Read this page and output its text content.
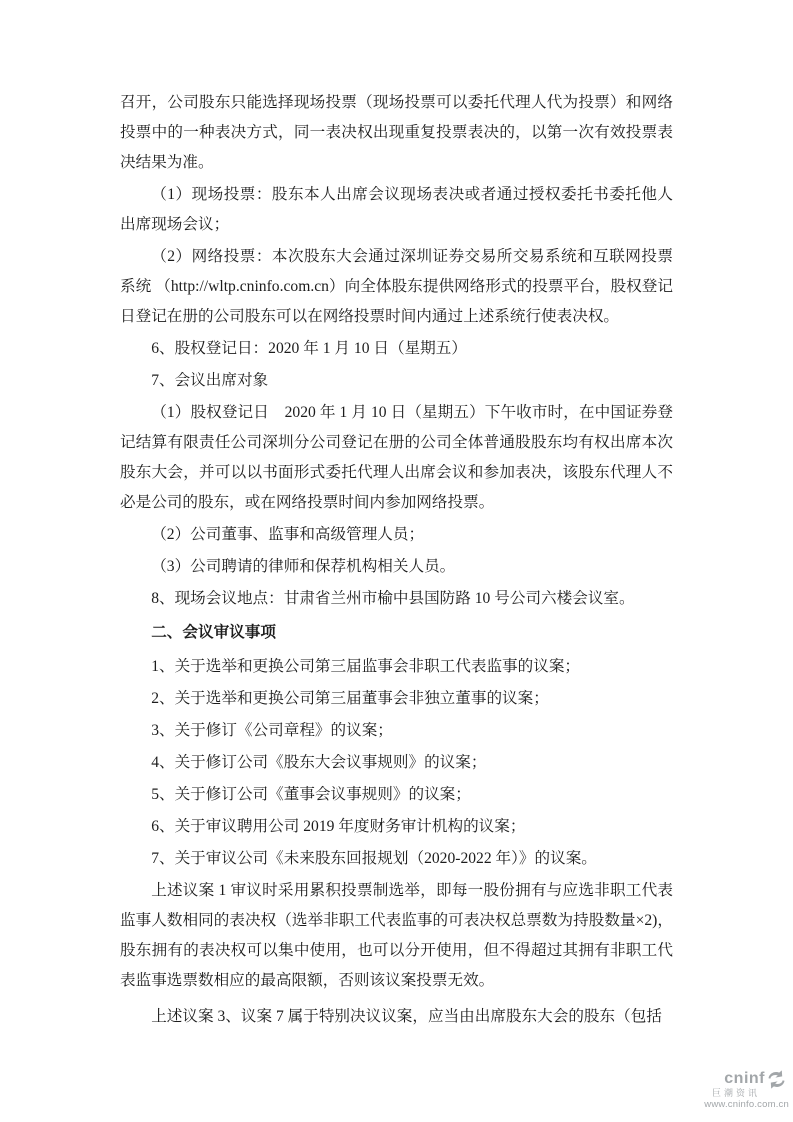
召开，公司股东只能选择现场投票（现场投票可以委托代理人代为投票）和网络投票中的一种表决方式，同一表决权出现重复投票表决的，以第一次有效投票表决结果为准。

（1）现场投票：股东本人出席会议现场表决或者通过授权委托书委托他人出席现场会议；

（2）网络投票：本次股东大会通过深圳证券交易所交易系统和互联网投票系统 （http://wltp.cninfo.com.cn）向全体股东提供网络形式的投票平台，股权登记日登记在册的公司股东可以在网络投票时间内通过上述系统行使表决权。

6、股权登记日：2020 年 1 月 10 日（星期五）

7、会议出席对象

（1）股权登记日　2020 年 1 月 10 日（星期五）下午收市时，在中国证券登记结算有限责任公司深圳分公司登记在册的公司全体普通股股东均有权出席本次股东大会，并可以以书面形式委托代理人出席会议和参加表决，该股东代理人不必是公司的股东，或在网络投票时间内参加网络投票。

（2）公司董事、监事和高级管理人员；

（3）公司聘请的律师和保荐机构相关人员。

8、现场会议地点：甘肃省兰州市榆中县国防路 10 号公司六楼会议室。

二、会议审议事项

1、关于选举和更换公司第三届监事会非职工代表监事的议案；

2、关于选举和更换公司第三届董事会非独立董事的议案；

3、关于修订《公司章程》的议案；

4、关于修订公司《股东大会议事规则》的议案；

5、关于修订公司《董事会议事规则》的议案；

6、关于审议聘用公司 2019 年度财务审计机构的议案；

7、关于审议公司《未来股东回报规划（2020-2022 年）》的议案。

上述议案 1 审议时采用累积投票制选举，即每一股份拥有与应选非职工代表监事人数相同的表决权（选举非职工代表监事的可表决权总票数为持股数量×2)，股东拥有的表决权可以集中使用，也可以分开使用，但不得超过其拥有非职工代表监事选票数相应的最高限额，否则该议案投票无效。

上述议案 3、议案 7 属于特别决议议案，应当由出席股东大会的股东（包括

cninf
巨潮资讯
www.cninfo.com.cn
